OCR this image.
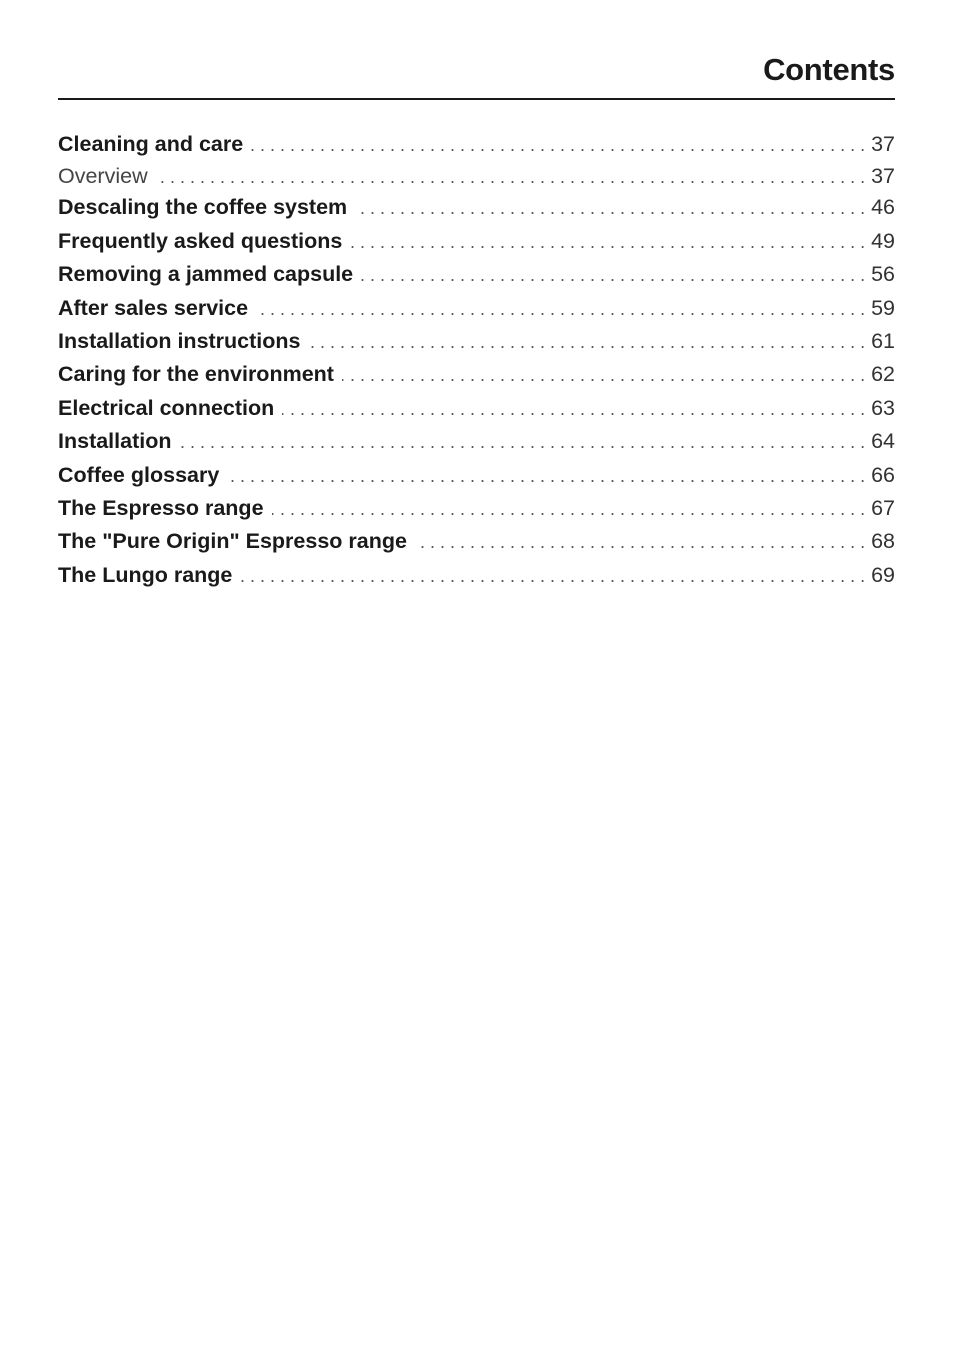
Contents
Cleaning and care . . .	37
Overview . . .	37
Descaling the coffee system . . .	46
Frequently asked questions . . .	49
Removing a jammed capsule . . .	56
After sales service . . .	59
Installation instructions . . .	61
Caring for the environment . . .	62
Electrical connection . . .	63
Installation . . .	64
Coffee glossary . . .	66
The Espresso range . . .	67
The "Pure Origin" Espresso range . . .	68
The Lungo range . . .	69
